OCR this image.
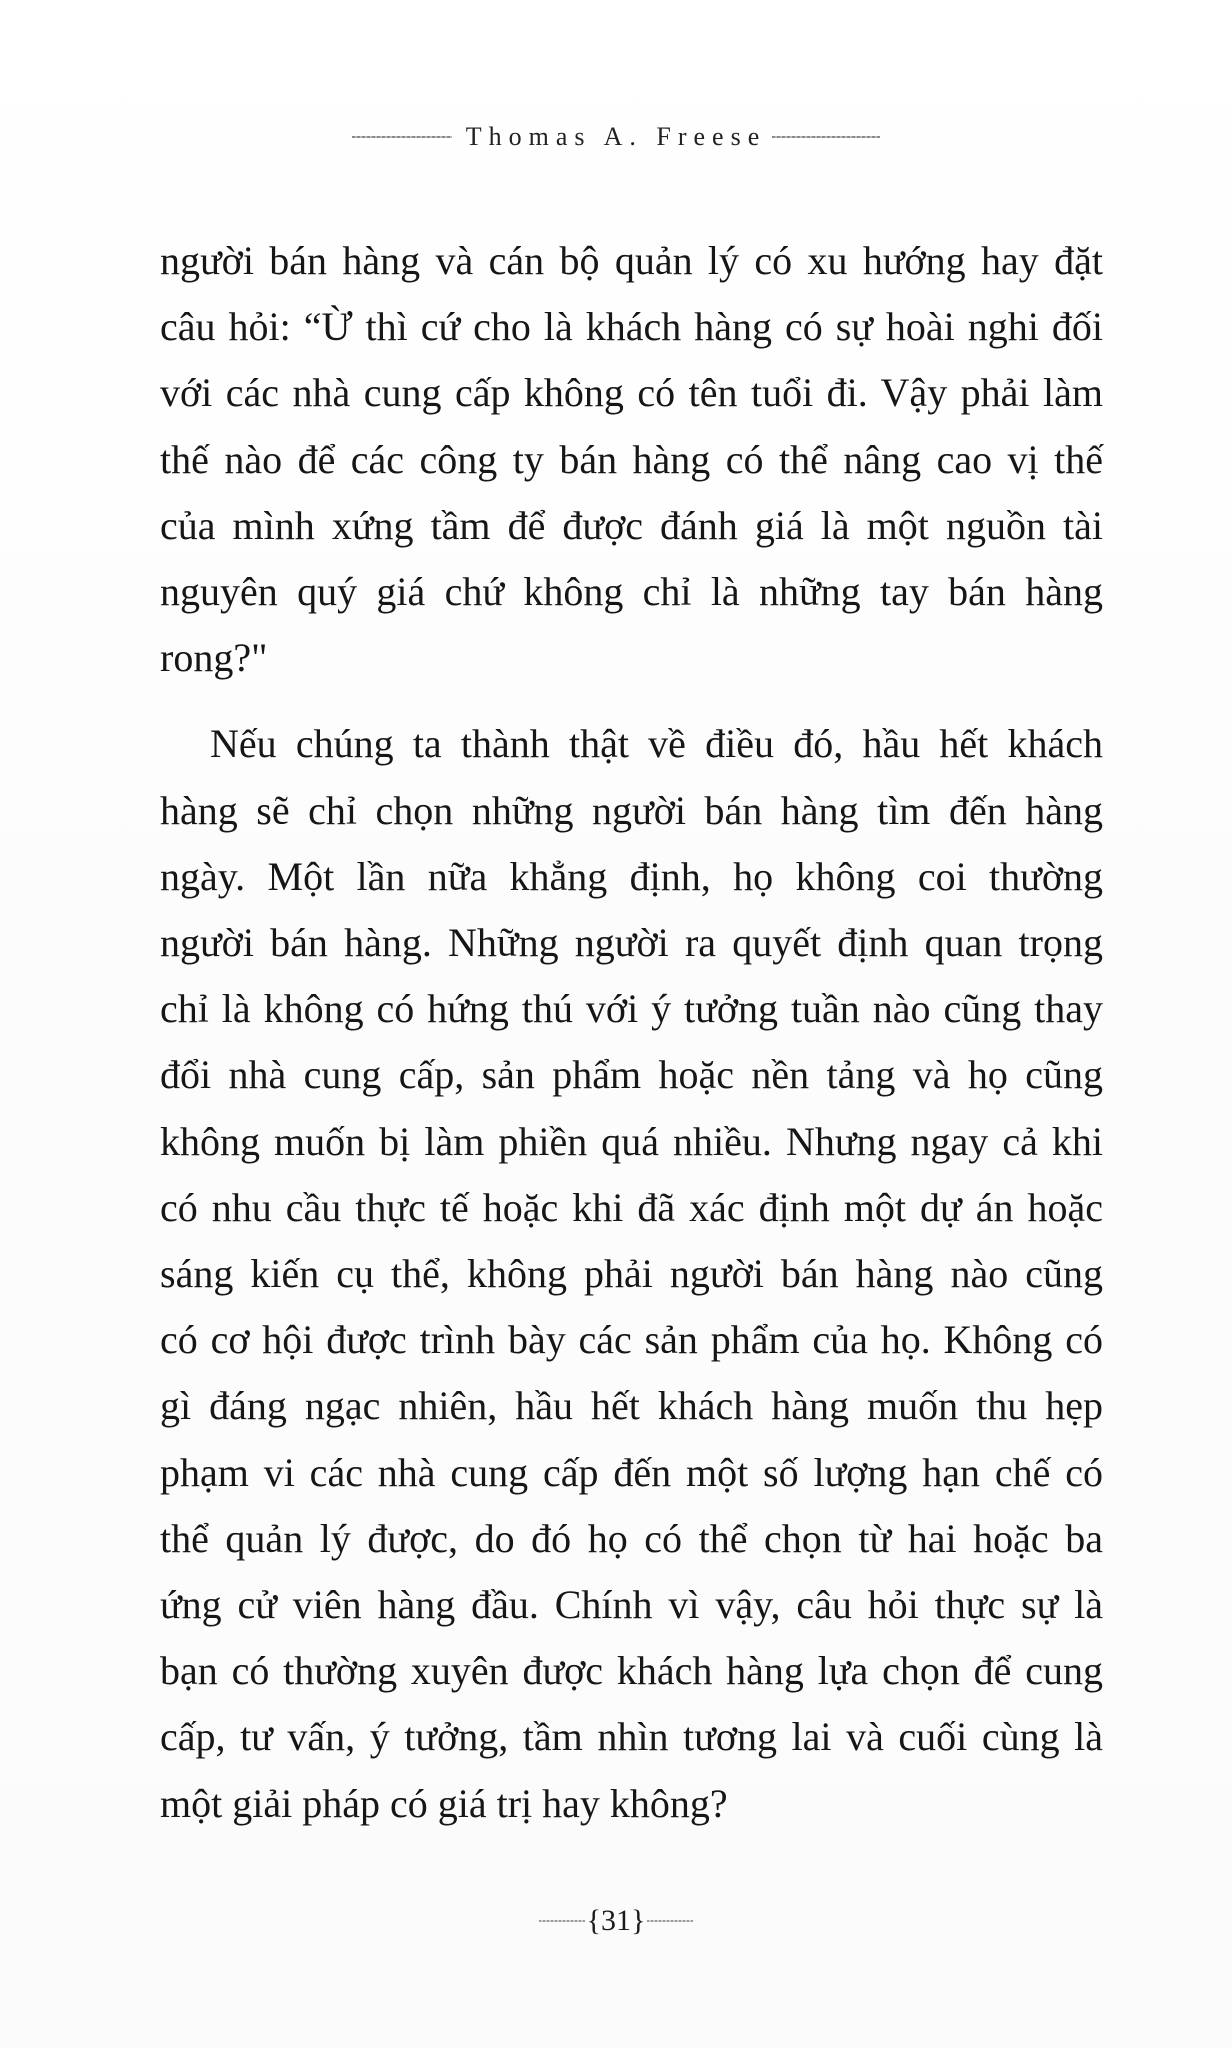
Thomas A. Freese

người bán hàng và cán bộ quản lý có xu hướng hay đặt
câu hỏi: “Ừ thì cứ cho là khách hàng có sự hoài nghi đối
với các nhà cung cấp không có tên tuổi đi. Vậy phải làm
thế nào để các công ty bán hàng có thể nâng cao vị thế
của mình xứng tầm để được đánh giá là một nguồn tài
nguyên quý giá chứ không chỉ là những tay bán hàng
rong?"

Nếu chúng ta thành thật về điều đó, hầu hết khách
hàng sẽ chỉ chọn những người bán hàng tìm đến hàng
ngày. Một lần nữa khẳng định, họ không coi thường
người bán hàng. Những người ra quyết định quan trọng
chỉ là không có hứng thú với ý tưởng tuần nào cũng thay
đổi nhà cung cấp, sản phẩm hoặc nền tảng và họ cũng
không muốn bị làm phiền quá nhiều. Nhưng ngay cả khi
có nhu cầu thực tế hoặc khi đã xác định một dự án hoặc
sáng kiến cụ thể, không phải người bán hàng nào cũng
có cơ hội được trình bày các sản phẩm của họ. Không có
gì đáng ngạc nhiên, hầu hết khách hàng muốn thu hẹp
phạm vi các nhà cung cấp đến một số lượng hạn chế có
thể quản lý được, do đó họ có thể chọn từ hai hoặc ba
ứng cử viên hàng đầu. Chính vì vậy, câu hỏi thực sự là
bạn có thường xuyên được khách hàng lựa chọn để cung
cấp, tư vấn, ý tưởng, tầm nhìn tương lai và cuối cùng là
một giải pháp có giá trị hay không?

{31}
